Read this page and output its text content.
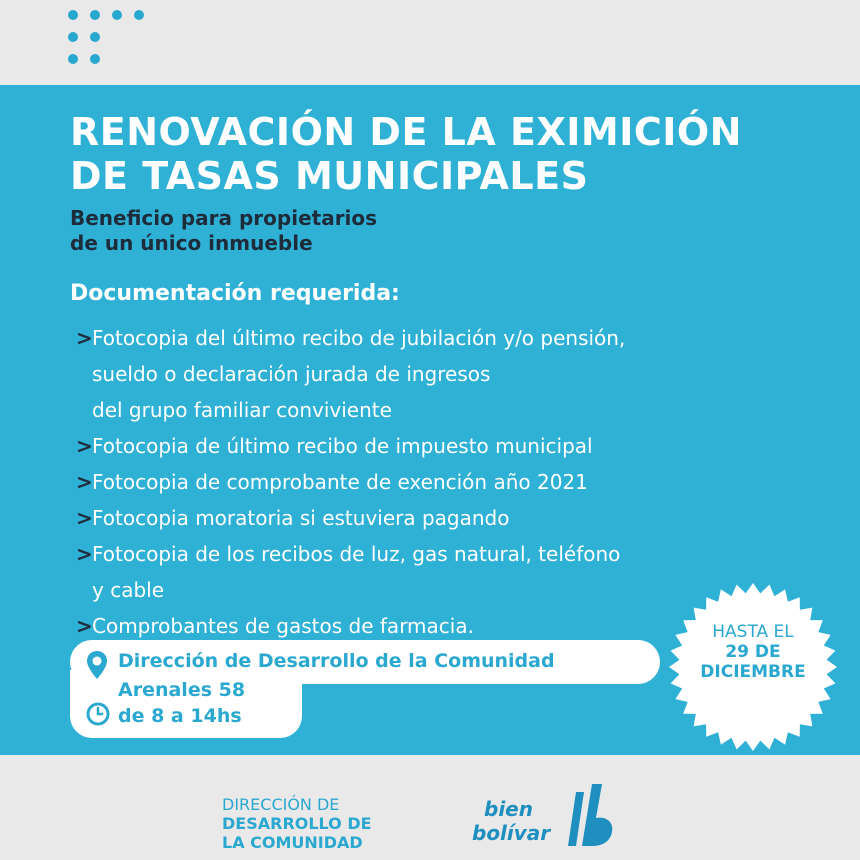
RENOVACIÓN DE LA EXIMICIÓN
DE TASAS MUNICIPALES
Beneficio para propietarios
de un único inmueble
Documentación requerida:
> Fotocopia del último recibo de jubilación y/o pensión,
sueldo o declaración jurada de ingresos
del grupo familiar conviviente
> Fotocopia de último recibo de impuesto municipal
> Fotocopia de comprobante de exención año 2021
> Fotocopia moratoria si estuviera pagando
> Fotocopia de los recibos de luz, gas natural, teléfono
y cable
> Comprobantes de gastos de farmacia.
Dirección de Desarrollo de la Comunidad
Arenales 58
de 8 a 14hs
HASTA EL
29 DE
DICIEMBRE
DIRECCIÓN DE
DESARROLLO DE
LA COMUNIDAD
bien
bolívar
